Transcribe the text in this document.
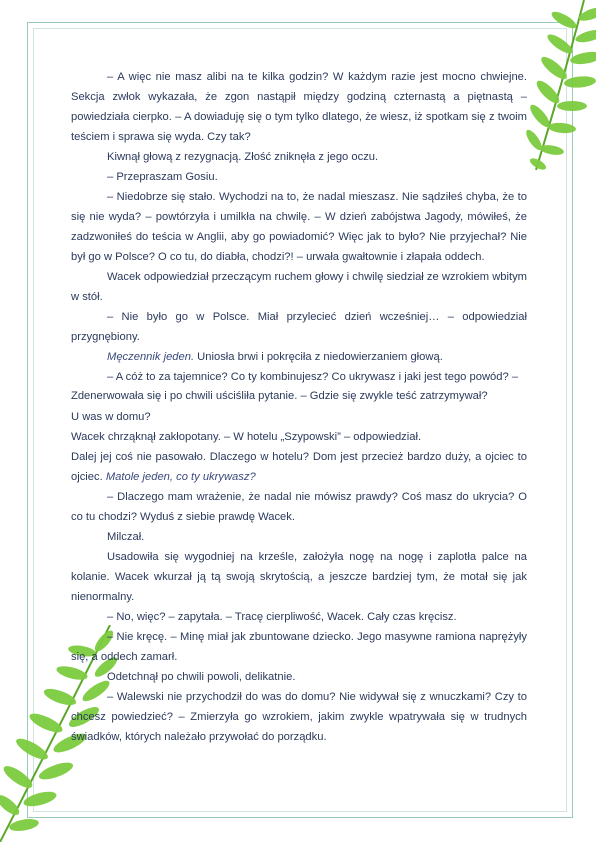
– A więc nie masz alibi na te kilka godzin? W każdym razie jest mocno chwiejne. Sekcja zwłok wykazała, że zgon nastąpił między godziną czternastą a piętnastą – powiedziała cierpko. – A dowiaduję się o tym tylko dlatego, że wiesz, iż spotkam się z twoim teściem i sprawa się wyda. Czy tak?

Kiwnął głową z rezygnacją. Złość zniknęła z jego oczu.

– Przepraszam Gosiu.

– Niedobrze się stało. Wychodzi na to, że nadal mieszasz. Nie sądziłeś chyba, że to się nie wyda? – powtórzyła i umilkła na chwilę. – W dzień zabójstwa Jagody, mówiłeś, że zadzwoniłeś do teścia w Anglii, aby go powiadomić? Więc jak to było? Nie przyjechał? Nie był go w Polsce? O co tu, do diabła, chodzi?! – urwała gwałtownie i złapała oddech.

Wacek odpowiedział przeczącym ruchem głowy i chwilę siedział ze wzrokiem wbitym w stół.

– Nie było go w Polsce. Miał przylecieć dzień wcześniej… – odpowiedział przygnębiony.

Męczennik jeden. Uniosła brwi i pokręciła z niedowierzaniem głową.

– A cóż to za tajemnice? Co ty kombinujesz? Co ukrywasz i jaki jest tego powód? –

Zdenerwowała się i po chwili uściśliła pytanie. – Gdzie się zwykle teść zatrzymywał?

U was w domu?

Wacek chrząknął zakłopotany. – W hotelu „Szypowski” – odpowiedział.

Dalej jej coś nie pasowało. Dlaczego w hotelu? Dom jest przecież bardzo duży, a ojciec to ojciec. Matole jeden, co ty ukrywasz?

– Dlaczego mam wrażenie, że nadal nie mówisz prawdy? Coś masz do ukrycia? O co tu chodzi? Wyduś z siebie prawdę Wacek.

Milczał.

Usadowiła się wygodniej na krześle, założyła nogę na nogę i zaplotła palce na kolanie. Wacek wkurzał ją tą swoją skrytością, a jeszcze bardziej tym, że motał się jak nienormalny.

– No, więc? – zapytała. – Tracę cierpliwość, Wacek. Cały czas kręcisz.

– Nie kręcę. – Minę miał jak zbuntowane dziecko. Jego masywne ramiona naprężyły się, a oddech zamarł.

Odetchnął po chwili powoli, delikatnie.

– Walewski nie przychodził do was do domu? Nie widywał się z wnuczkami? Czy to chcesz powiedzieć? – Zmierzyła go wzrokiem, jakim zwykle wpatrywała się w trudnych świadków, których należało przywołać do porządku.
